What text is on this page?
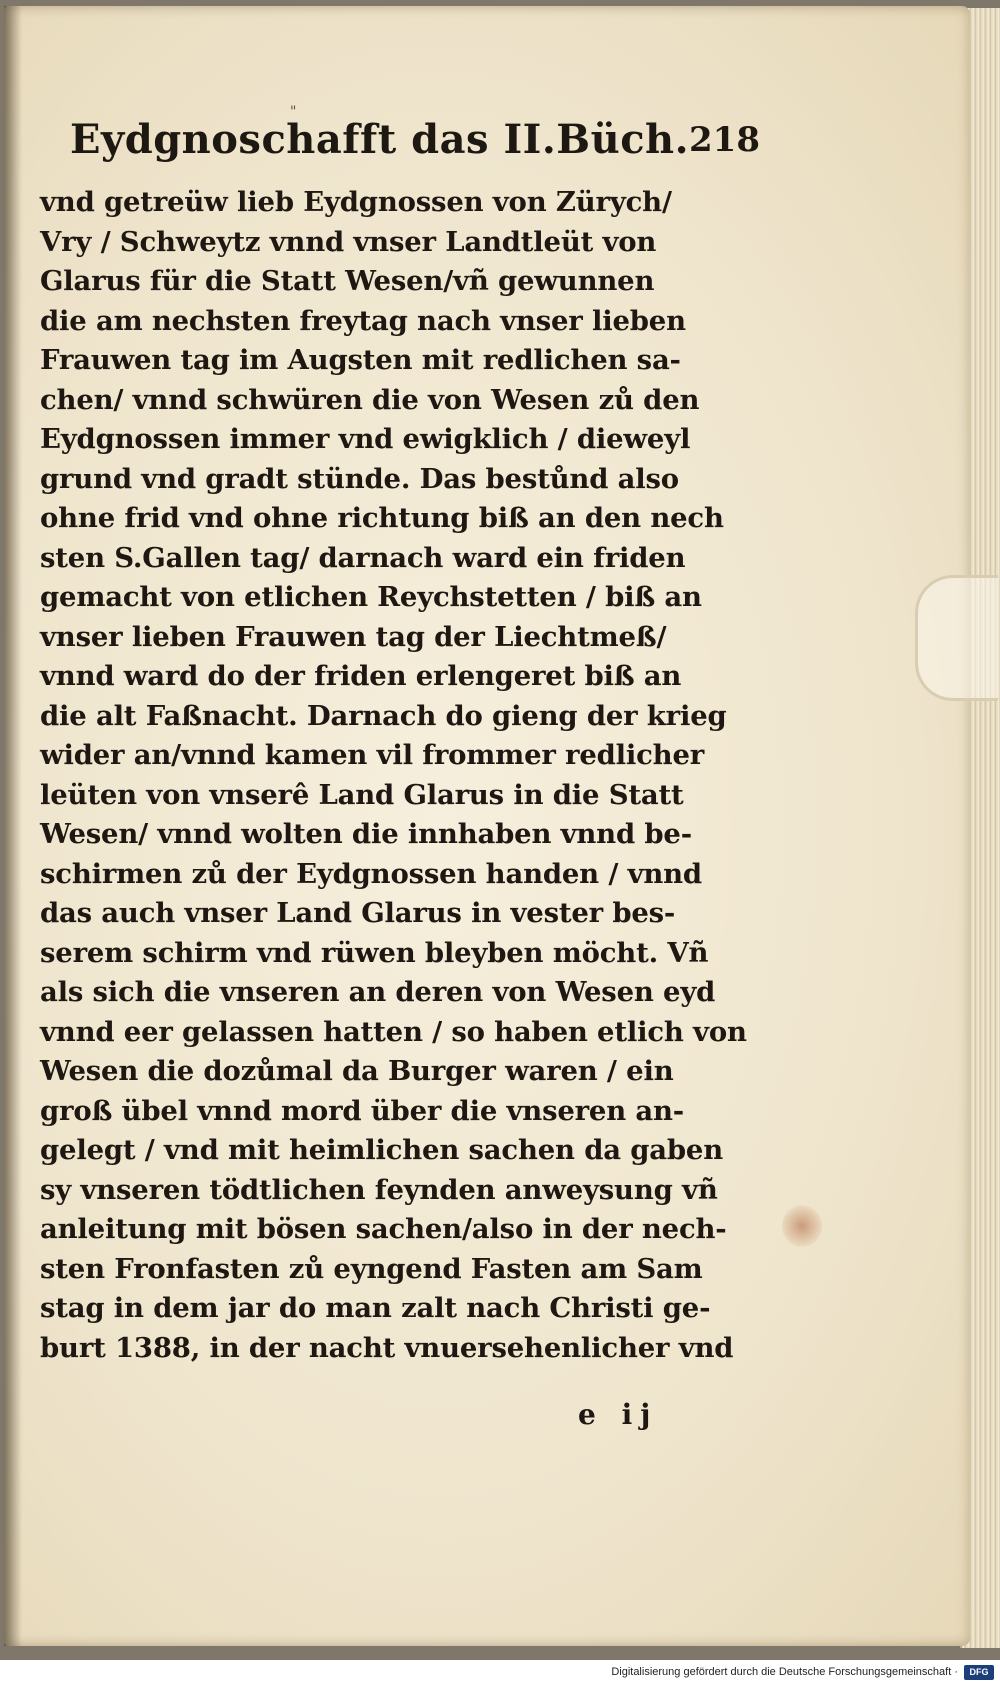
"
Eydgnoschafft das II.Büch. 218
vnd getreüw lieb Eydgnossen von Zürych/
Vry / Schweytz vnnd vnser Landtleüt von
Glarus für die Statt Wesen/vñ gewunnen
die am nechsten freytag nach vnser lieben
Frauwen tag im Augsten mit redlichen sa-
chen/ vnnd schwüren die von Wesen zů den
Eydgnossen immer vnd ewigklich / dieweyl
grund vnd gradt stünde. Das bestůnd also
ohne frid vnd ohne richtung biß an den nech
sten S.Gallen tag/ darnach ward ein friden
gemacht von etlichen Reychstetten / biß an
vnser lieben Frauwen tag der Liechtmeß/
vnnd ward do der friden erlengeret biß an
die alt Faßnacht. Darnach do gieng der krieg
wider an/vnnd kamen vil frommer redlicher
leüten von vnserê Land Glarus in die Statt
Wesen/ vnnd wolten die innhaben vnnd be-
schirmen zů der Eydgnossen handen / vnnd
das auch vnser Land Glarus in vester bes-
serem schirm vnd rüwen bleyben möcht. Vñ
als sich die vnseren an deren von Wesen eyd
vnnd eer gelassen hatten / so haben etlich von
Wesen die dozůmal da Burger waren / ein
groß übel vnnd mord über die vnseren an-
gelegt / vnd mit heimlichen sachen da gaben
sy vnseren tödtlichen feynden anweysung vñ
anleitung mit bösen sachen/also in der nech-
sten Fronfasten zů eyngend Fasten am Sam
stag in dem jar do man zalt nach Christi ge-
burt 1388, in der nacht vnuersehenlicher vnd
e ij
Digitalisierung gefördert durch die Deutsche Forschungsgemeinschaft ·	DFG
